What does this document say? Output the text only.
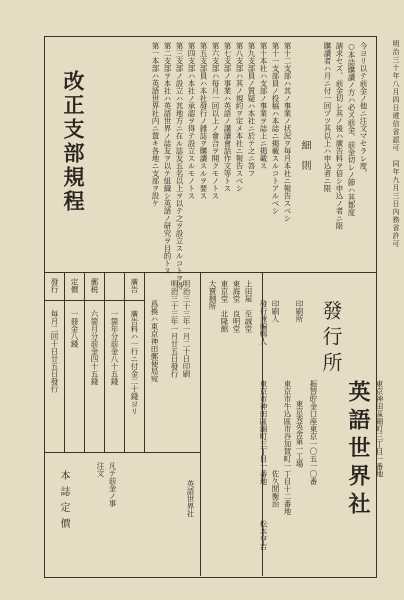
明治三十年八月四日遞信省認可　同年九月三日內務省許可
今ヨリ以テ前金ノ他ニ注文マセラレ度、
○本誌購讀ノ方ハ必ズ前金、前金切レノ節ハ其都度
請求セズ、前金切レ其ノ後ハ廣告料ヲ倍シ申込ノ者ニ限
購讀者ハ月ニ付一回ヅツ其以上ハ申込者ニ限
細則
第十二支部ハ其ノ事業ノ状況ヲ毎月本社ニ報告スベシ
第十一支部員ノ投稿ハ本誌ニ掲載スルコトアルベシ
第十本社ハ支部ノ事業ヲ誌上ニ掲載ス
第九支部員ノ質疑ハ本社ニ於テ之ニ答フ
第八支部ハ其ノ規約ヲ定メ本社ニ報告スベシ
第七支部ノ事業ハ英語ノ講讀會話作文等トス
第六支部ハ毎月一回以上ノ會合ヲ開クモノトス
第五支部員ハ本社發行ノ雜誌ヲ購讀スルヲ要ス
第四支部ハ本社ノ承認ヲ得テ設立スルモノトス
第三支部ノ設立ハ其地方ニ在ル誌友五名以上ヲ以テ之ヲ設立スルコトヲ得
第二支部ヲ本社ハ英語世界ノ誌友ヲ以テ組織シ英語ノ研究ヲ目的トス
第一本部ハ英語世界社内ニ置キ各地ニ支部ヲ設ケ
改正支部規程
發行所
英語世界社 東京神田區錦町三丁目一番地
振替貯金口座東京一〇五一〇番
印刷所
東京秀英舍第一工場
東京市牛込區市谷加賀町一丁目十二番地
印刷人
佐久間衡治
發行兼編輯人
東京市神田區錦町三丁目一番地
松本亨吉
明治三十三年一月二十日印刷
明治三十三年一月廿五日發行	大賣捌所 東京堂　北隆館 東海堂　良明堂 上田屋　至誠堂
英語世界社
發行
每月二回十日廿五日發行
定價
一冊金八錢
郵税
六箇月分前金四十五錢 一箇年分前金八十五錢
廣告
廣告料ハ一行ニ付金二十錢ヨリ
本誌定價
注文 凡テ前金ノ事
爲換ハ東京神田郵便局宛
